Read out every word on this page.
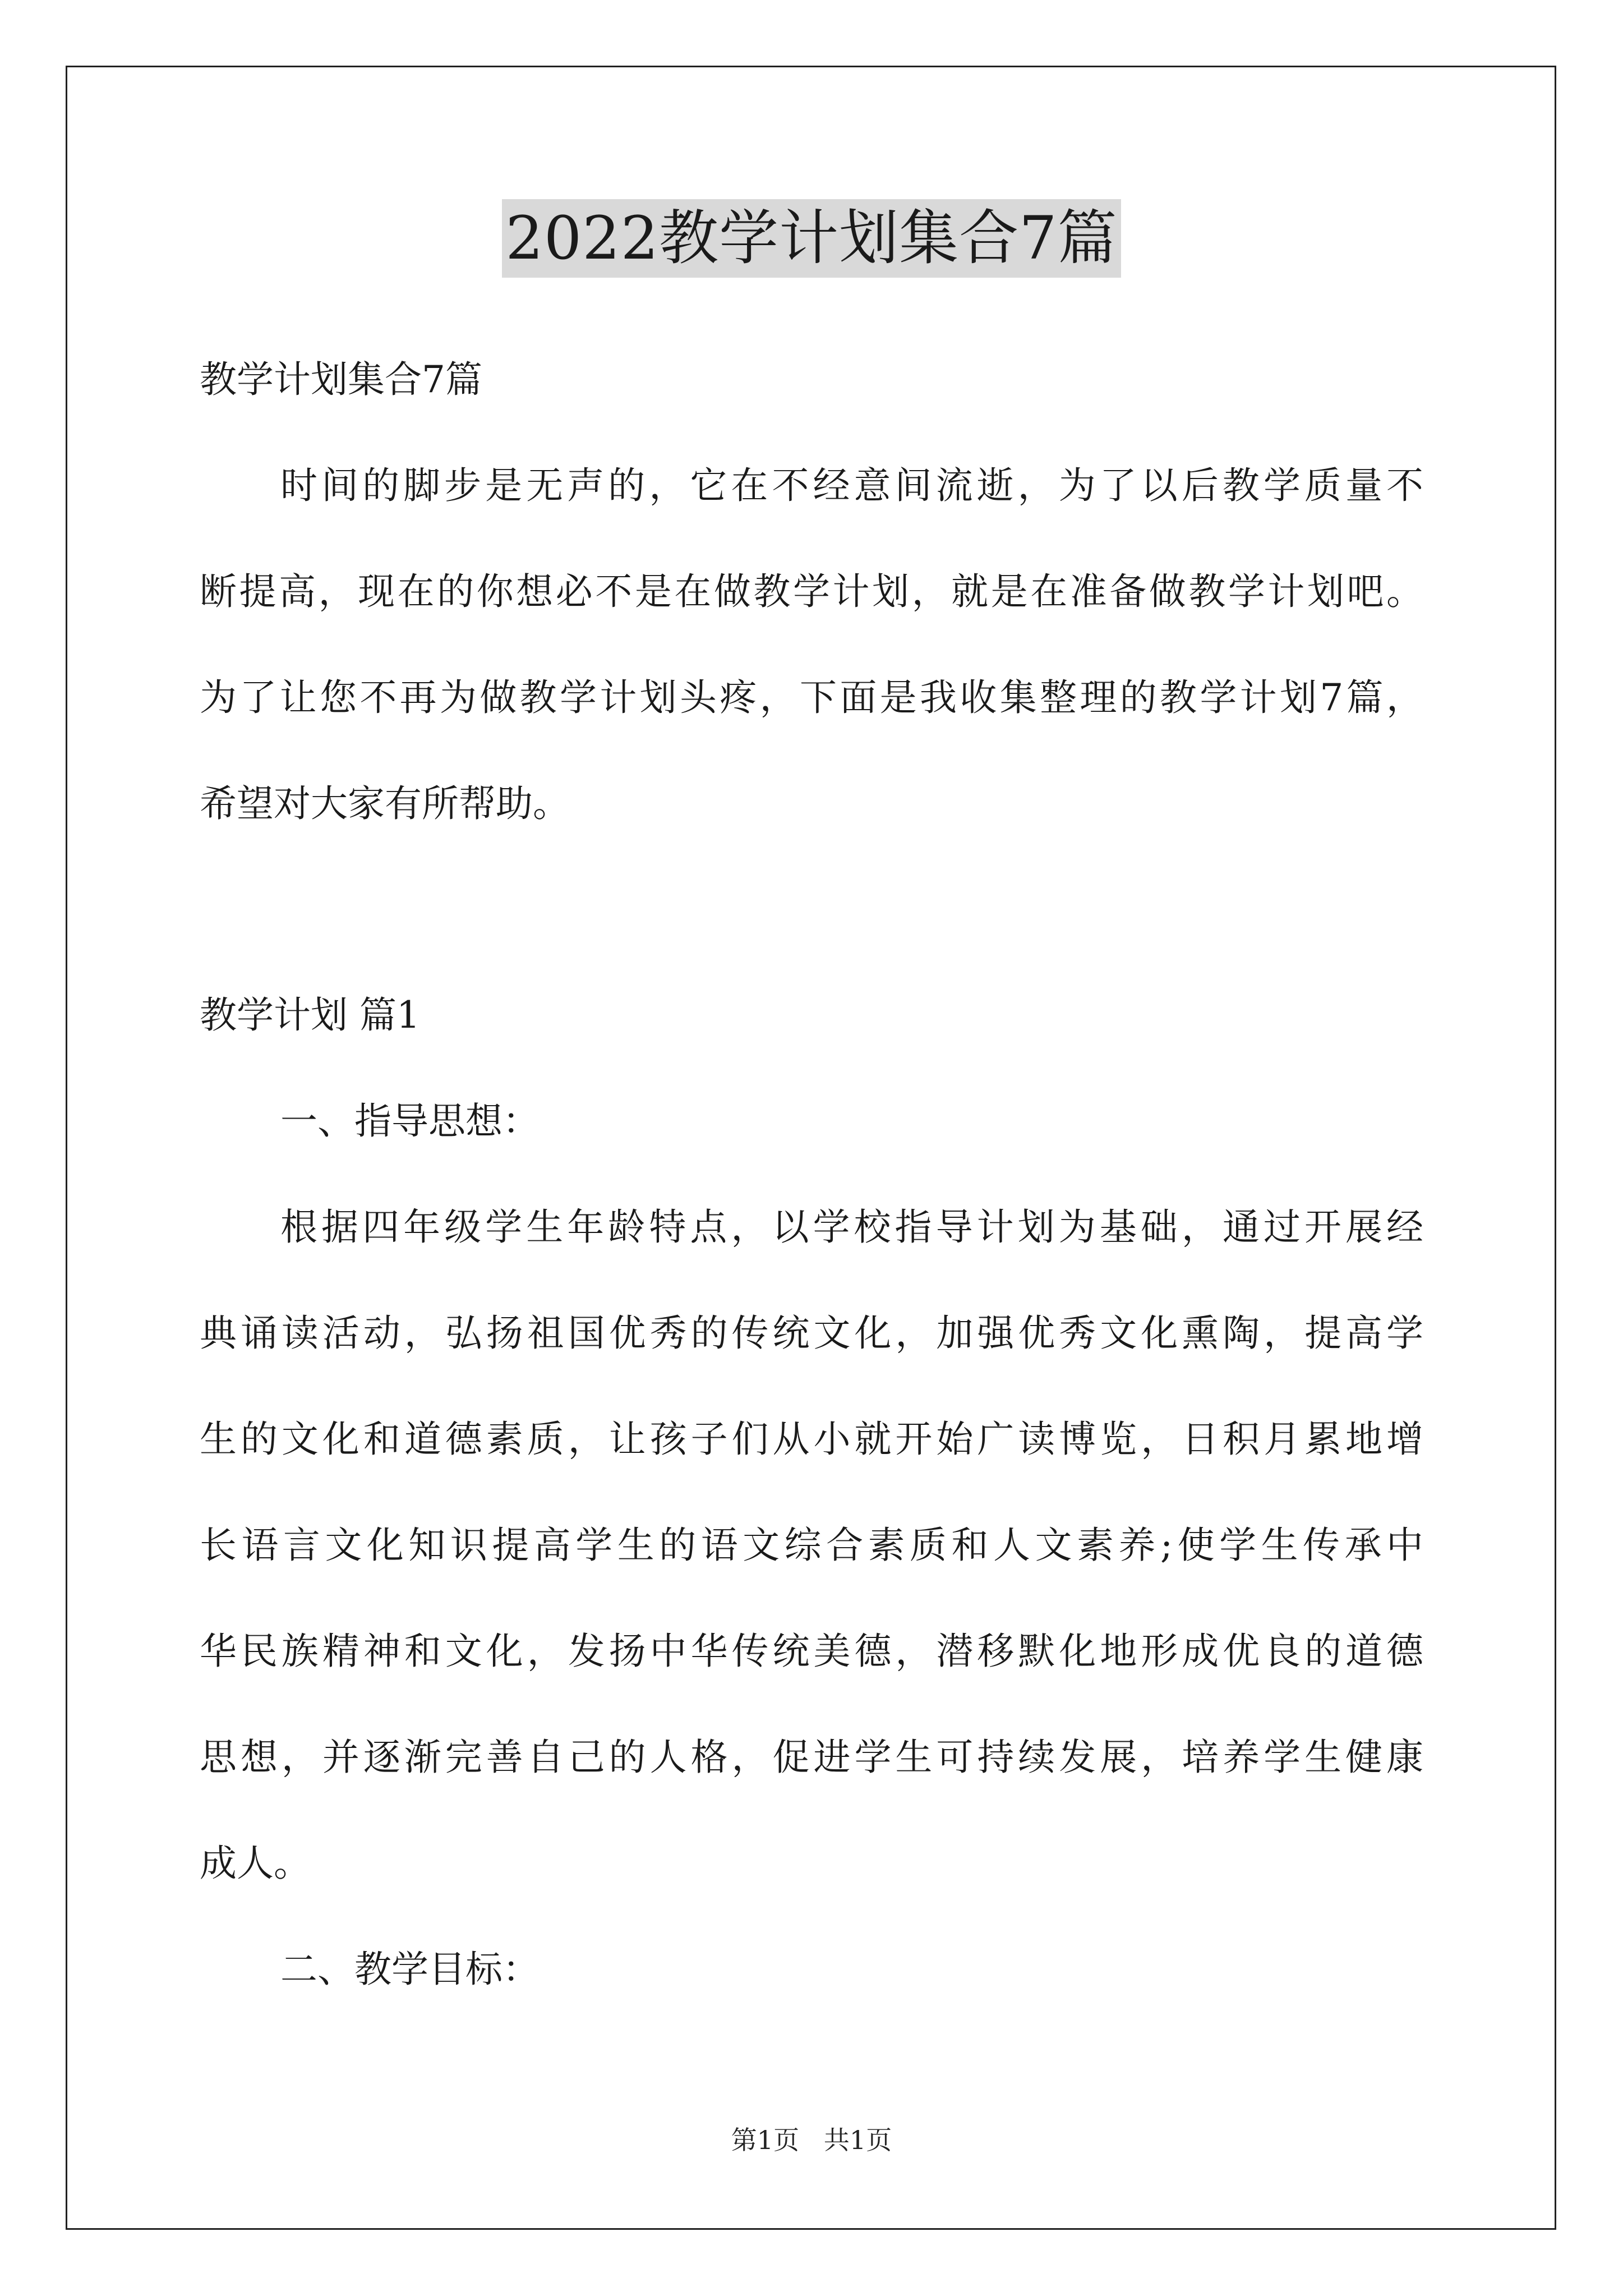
2022教学计划集合7篇
教学计划集合7篇
时间的脚步是无声的，它在不经意间流逝，为了以后教学质量不
断提高，现在的你想必不是在做教学计划，就是在准备做教学计划吧。
为了让您不再为做教学计划头疼，下面是我收集整理的教学计划7篇，
希望对大家有所帮助。
教学计划 篇1
一、指导思想：
根据四年级学生年龄特点，以学校指导计划为基础，通过开展经
典诵读活动，弘扬祖国优秀的传统文化，加强优秀文化熏陶，提高学
生的文化和道德素质，让孩子们从小就开始广读博览，日积月累地增
长语言文化知识提高学生的语文综合素质和人文素养;使学生传承中
华民族精神和文化，发扬中华传统美德，潜移默化地形成优良的道德
思想，并逐渐完善自己的人格，促进学生可持续发展，培养学生健康
成人。
二、教学目标：
第1页   共1页
